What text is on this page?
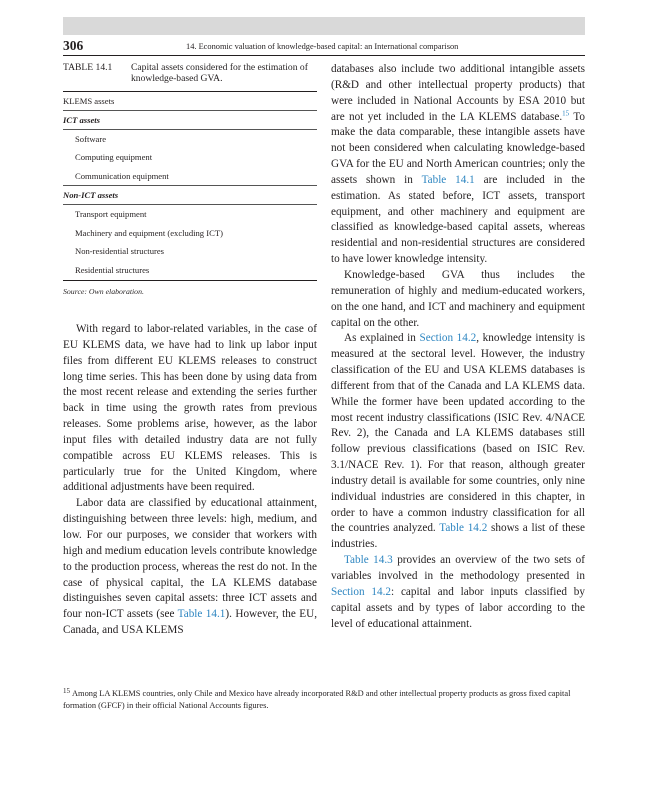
306	14. Economic valuation of knowledge-based capital: an International comparison
TABLE 14.1	Capital assets considered for the estimation of knowledge-based GVA.
KLEMS assets
ICT assets
Software
Computing equipment
Communication equipment
Non-ICT assets
Transport equipment
Machinery and equipment (excluding ICT)
Non-residential structures
Residential structures
Source: Own elaboration.

With regard to labor-related variables, in the case of EU KLEMS data, we have had to link up labor input files from different EU KLEMS releases to construct long time series. This has been done by using data from the most recent release and extending the series further back in time using the growth rates from previous releases. Some problems arise, however, as the labor input files with detailed industry data are not fully compatible across EU KLEMS releases. This is particularly true for the United Kingdom, where additional adjustments have been required.

Labor data are classified by educational attainment, distinguishing between three levels: high, medium, and low. For our purposes, we consider that workers with high and medium education levels contribute knowledge to the production process, whereas the rest do not. In the case of physical capital, the LA KLEMS database distinguishes seven capital assets: three ICT assets and four non-ICT assets (see Table 14.1). However, the EU, Canada, and USA KLEMS

databases also include two additional intangible assets (R&D and other intellectual property products) that were included in National Accounts by ESA 2010 but are not yet included in the LA KLEMS database.$^{15}$ To make the data comparable, these intangible assets have not been considered when calculating knowledge-based GVA for the EU and North American countries; only the assets shown in Table 14.1 are included in the estimation. As stated before, ICT assets, transport equipment, and other machinery and equipment are classified as knowledge-based capital assets, whereas residential and non-residential structures are considered to have lower knowledge intensity.

Knowledge-based GVA thus includes the remuneration of highly and medium-educated workers, on the one hand, and ICT and machinery and equipment capital on the other.

As explained in Section 14.2, knowledge intensity is measured at the sectoral level. However, the industry classification of the EU and USA KLEMS databases is different from that of the Canada and LA KLEMS data. While the former have been updated according to the most recent industry classifications (ISIC Rev. 4/NACE Rev. 2), the Canada and LA KLEMS databases still follow previous classifications (based on ISIC Rev. 3.1/NACE Rev. 1). For that reason, although greater industry detail is available for some countries, only nine individual industries are considered in this chapter, in order to have a common industry classification for all the countries analyzed. Table 14.2 shows a list of these industries.

Table 14.3 provides an overview of the two sets of variables involved in the methodology presented in Section 14.2: capital and labor inputs classified by capital assets and by types of labor according to the level of educational attainment.

$^{15}$ Among LA KLEMS countries, only Chile and Mexico have already incorporated R&D and other intellectual property products as gross fixed capital formation (GFCF) in their official National Accounts figures.
